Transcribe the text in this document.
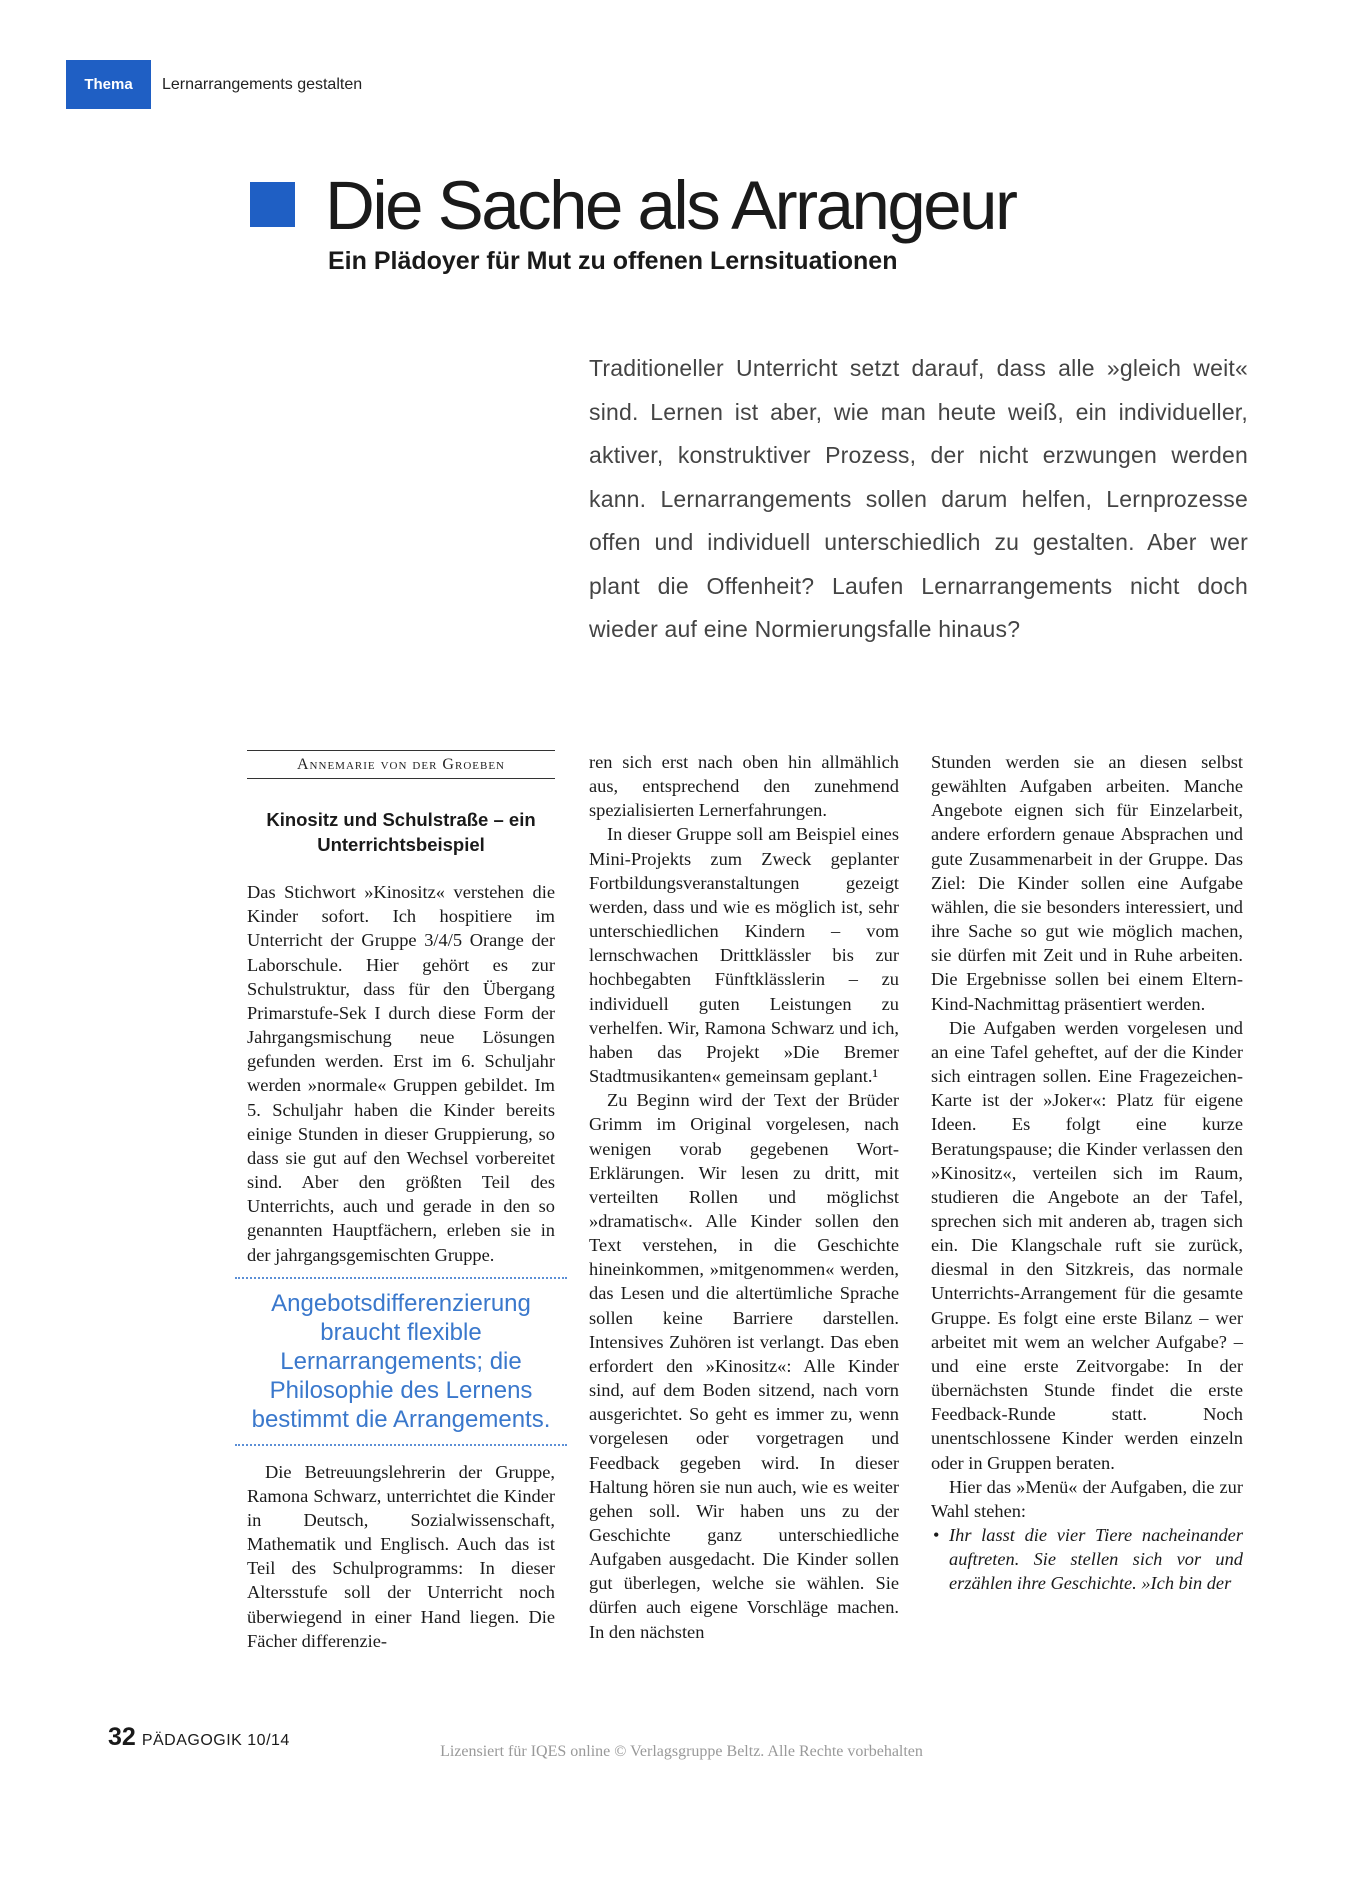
Thema	Lernarrangements gestalten
Die Sache als Arrangeur
Ein Plädoyer für Mut zu offenen Lernsituationen

Traditioneller Unterricht setzt darauf, dass alle »gleich weit« sind. Lernen ist aber, wie man heute weiß, ein individueller, aktiver, konstruktiver Prozess, der nicht erzwungen werden kann. Lernarrangements sollen darum helfen, Lernprozesse offen und individuell unterschiedlich zu gestalten. Aber wer plant die Offenheit? Laufen Lernarrangements nicht doch wieder auf eine Normierungsfalle hinaus?

Annemarie von der Groeben
Kinositz und Schulstraße – ein Unterrichtsbeispiel

Das Stichwort »Kinositz« verstehen die Kinder sofort. Ich hospitiere im Unterricht der Gruppe 3/4/5 Orange der Laborschule. Hier gehört es zur Schulstruktur, dass für den Übergang Primarstufe-Sek I durch diese Form der Jahrgangsmischung neue Lösungen gefunden werden. Erst im 6. Schuljahr werden »normale« Gruppen gebildet. Im 5. Schuljahr haben die Kinder bereits einige Stunden in dieser Gruppierung, so dass sie gut auf den Wechsel vorbereitet sind. Aber den größten Teil des Unterrichts, auch und gerade in den so genannten Hauptfächern, erleben sie in der jahrgangsgemischten Gruppe.

Angebotsdifferenzierung braucht flexible Lernarrangements; die Philosophie des Lernens bestimmt die Arrangements.

Die Betreuungslehrerin der Gruppe, Ramona Schwarz, unterrichtet die Kinder in Deutsch, Sozialwissenschaft, Mathematik und Englisch. Auch das ist Teil des Schulprogramms: In dieser Altersstufe soll der Unterricht noch überwiegend in einer Hand liegen. Die Fächer differenzie-

ren sich erst nach oben hin allmählich aus, entsprechend den zunehmend spezialisierten Lernerfahrungen.

In dieser Gruppe soll am Beispiel eines Mini-Projekts zum Zweck geplanter Fortbildungsveranstaltungen gezeigt werden, dass und wie es möglich ist, sehr unterschiedlichen Kindern – vom lernschwachen Drittklässler bis zur hochbegabten Fünftklässlerin – zu individuell guten Leistungen zu verhelfen. Wir, Ramona Schwarz und ich, haben das Projekt »Die Bremer Stadtmusikanten« gemeinsam geplant.¹

Zu Beginn wird der Text der Brüder Grimm im Original vorgelesen, nach wenigen vorab gegebenen Wort-Erklärungen. Wir lesen zu dritt, mit verteilten Rollen und möglichst »dramatisch«. Alle Kinder sollen den Text verstehen, in die Geschichte hineinkommen, »mitgenommen« werden, das Lesen und die altertümliche Sprache sollen keine Barriere darstellen. Intensives Zuhören ist verlangt. Das eben erfordert den »Kinositz«: Alle Kinder sind, auf dem Boden sitzend, nach vorn ausgerichtet. So geht es immer zu, wenn vorgelesen oder vorgetragen und Feedback gegeben wird. In dieser Haltung hören sie nun auch, wie es weiter gehen soll. Wir haben uns zu der Geschichte ganz unterschiedliche Aufgaben ausgedacht. Die Kinder sollen gut überlegen, welche sie wählen. Sie dürfen auch eigene Vorschläge machen. In den nächsten

Stunden werden sie an diesen selbst gewählten Aufgaben arbeiten. Manche Angebote eignen sich für Einzelarbeit, andere erfordern genaue Absprachen und gute Zusammenarbeit in der Gruppe. Das Ziel: Die Kinder sollen eine Aufgabe wählen, die sie besonders interessiert, und ihre Sache so gut wie möglich machen, sie dürfen mit Zeit und in Ruhe arbeiten. Die Ergebnisse sollen bei einem Eltern-Kind-Nachmittag präsentiert werden.

Die Aufgaben werden vorgelesen und an eine Tafel geheftet, auf der die Kinder sich eintragen sollen. Eine Fragezeichen-Karte ist der »Joker«: Platz für eigene Ideen. Es folgt eine kurze Beratungspause; die Kinder verlassen den »Kinositz«, verteilen sich im Raum, studieren die Angebote an der Tafel, sprechen sich mit anderen ab, tragen sich ein. Die Klangschale ruft sie zurück, diesmal in den Sitzkreis, das normale Unterrichts-Arrangement für die gesamte Gruppe. Es folgt eine erste Bilanz – wer arbeitet mit wem an welcher Aufgabe? – und eine erste Zeitvorgabe: In der übernächsten Stunde findet die erste Feedback-Runde statt. Noch unentschlossene Kinder werden einzeln oder in Gruppen beraten.

Hier das »Menü« der Aufgaben, die zur Wahl stehen:

• Ihr lasst die vier Tiere nacheinander auftreten. Sie stellen sich vor und erzählen ihre Geschichte. »Ich bin der
32 PÄDAGOGIK 10/14
Lizensiert für IQES online © Verlagsgruppe Beltz. Alle Rechte vorbehalten
